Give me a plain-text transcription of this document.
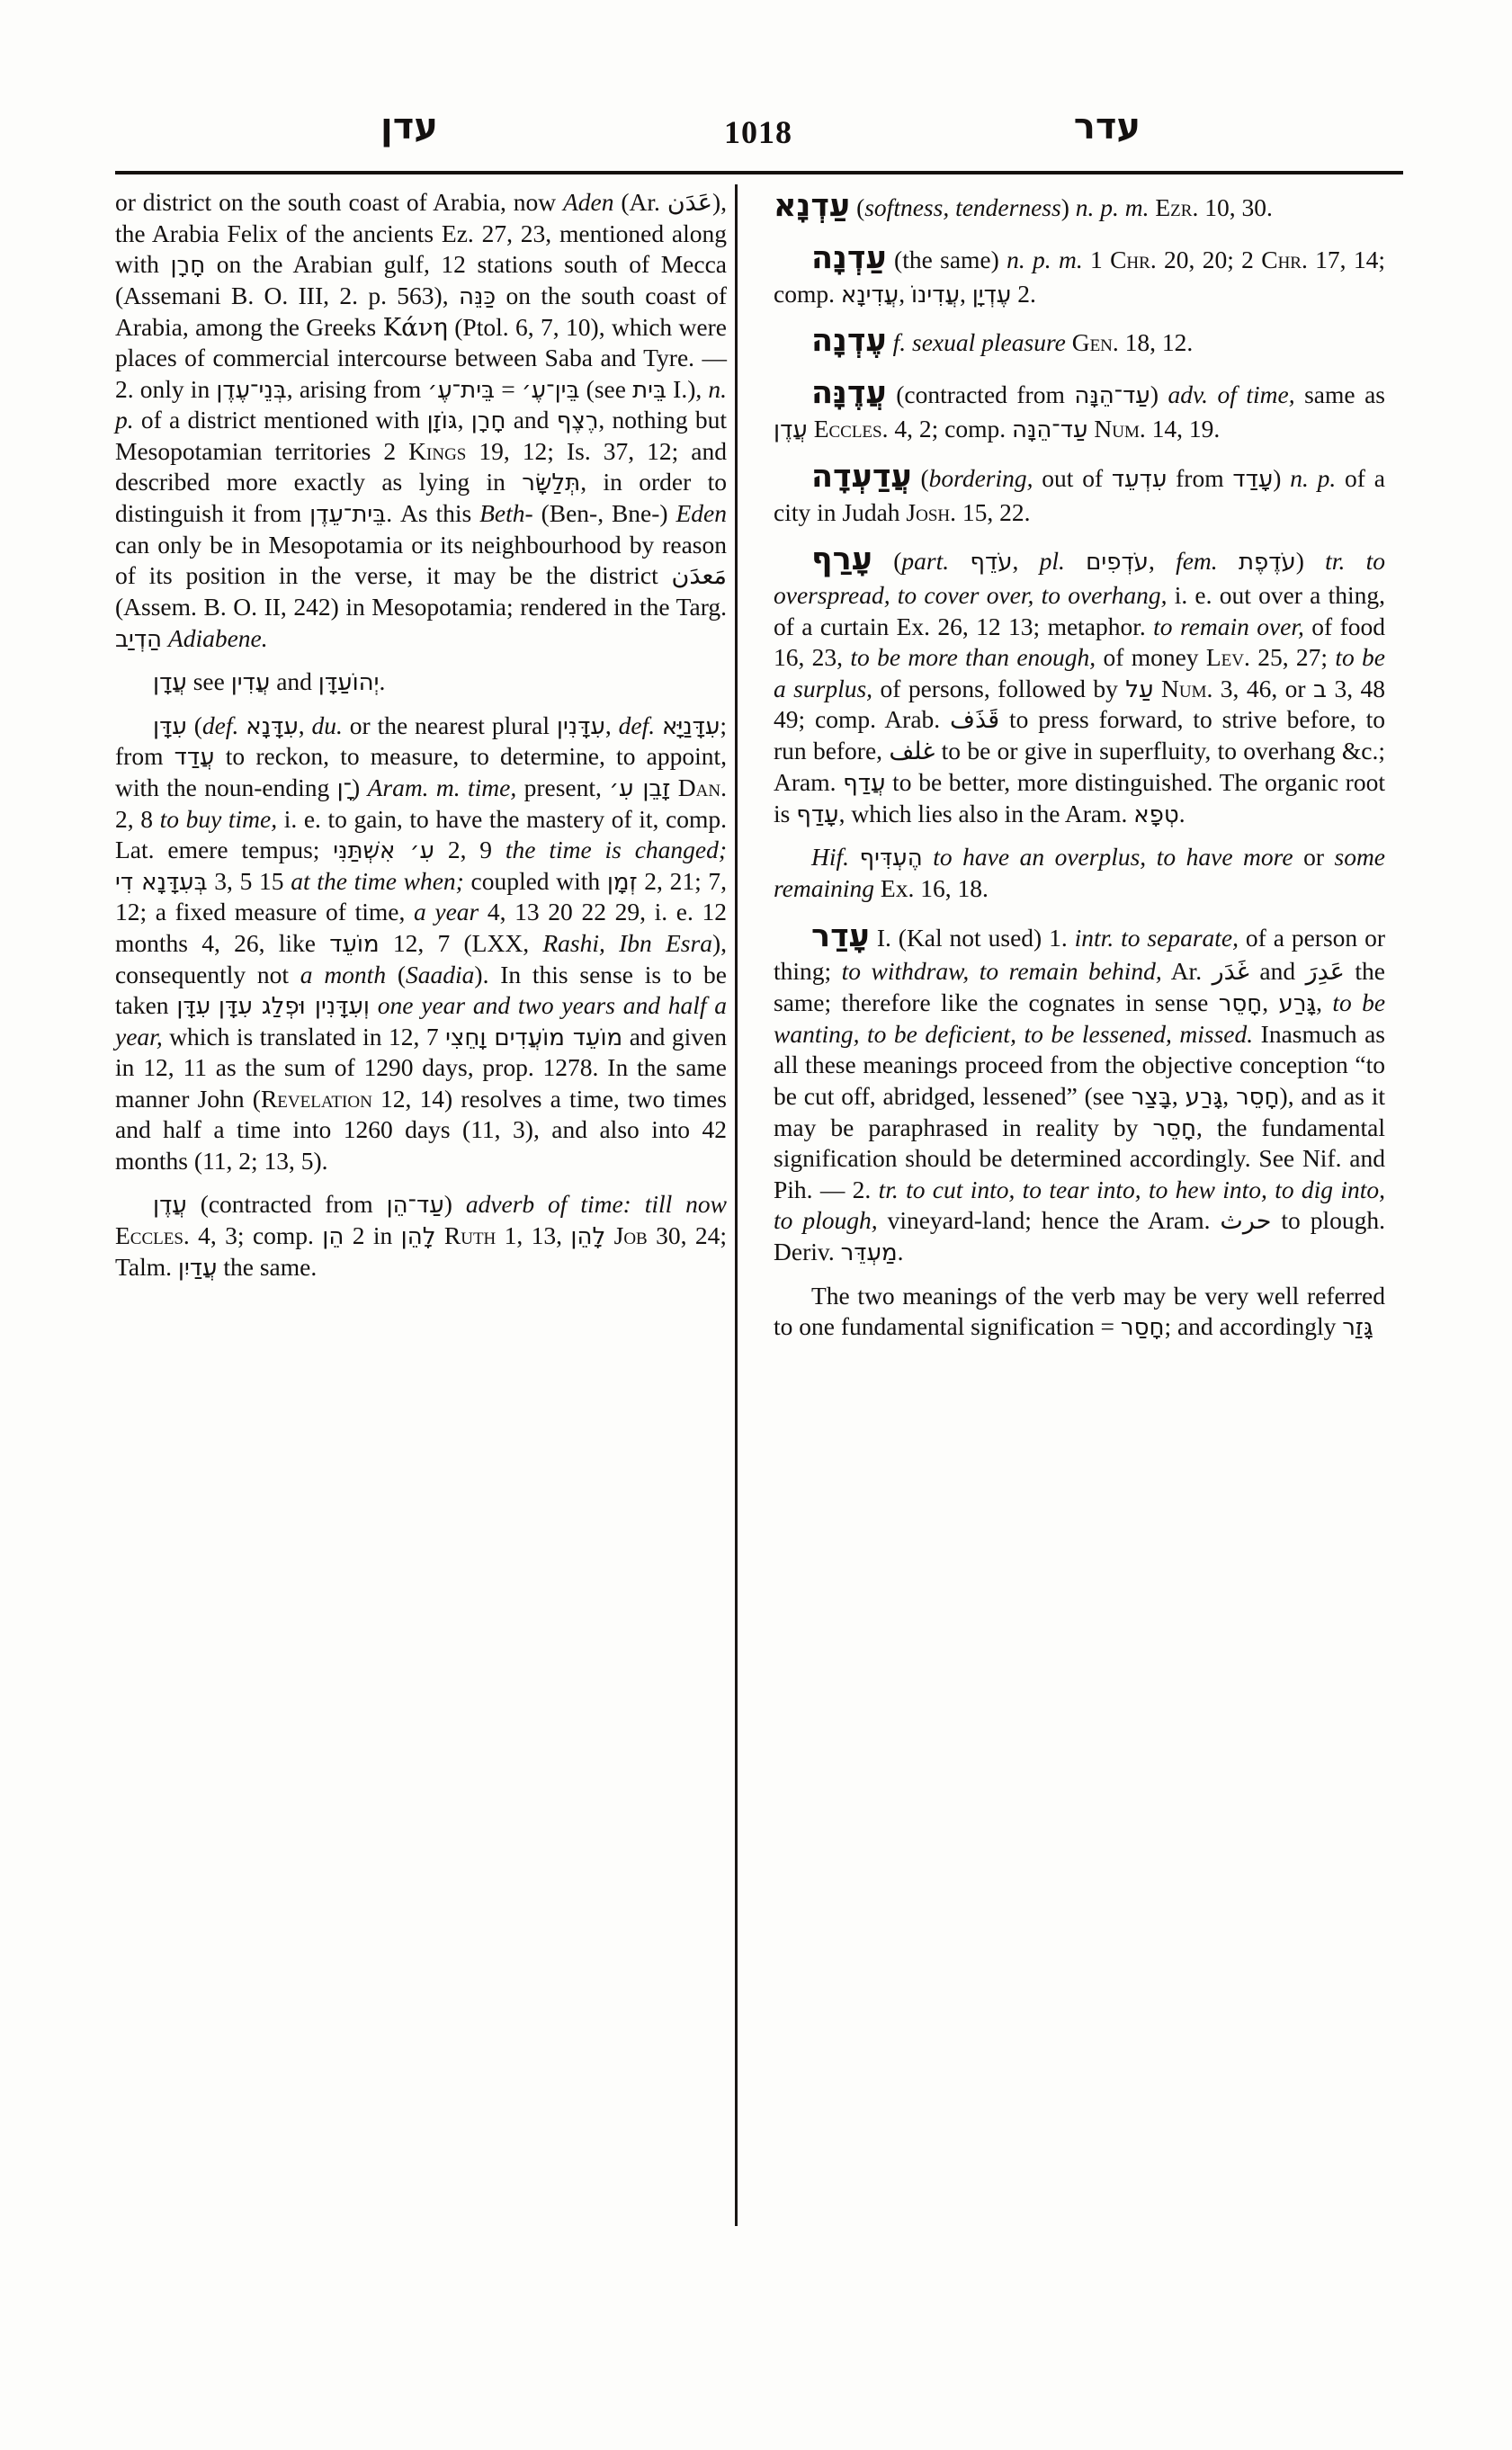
עדן	1018	עדר

or district on the south coast of Arabia, now Aden (Ar. عَدَن), the Arabia Felix of the ancients Ez. 27, 23, mentioned along with חָרָן on the Arabian gulf, 12 stations south of Mecca (Assemani B. O. III, 2. p. 563), כַּנֵּה on the south coast of Arabia, among the Greeks Κάνη (Ptol. 6, 7, 10), which were places of commercial intercourse between Saba and Tyre. — 2. only in בְּנֵי־עֶדֶן, arising from בֵּית־עֶ׳ = בֵּין־עֶ׳ (see בֵּית I.), n. p. of a district mentioned with גּוֹזָן, חָרָן and רֶצֶף, nothing but Mesopotamian territories 2 Kings 19, 12; Is. 37, 12; and described more exactly as lying in תְּלַשָּׂר, in order to distinguish it from בֵּית־עֵדֶן. As this Beth- (Ben-, Bne-) Eden can only be in Mesopotamia or its neighbourhood by reason of its position in the verse, it may be the district مَعدَن (Assem. B. O. II, 242) in Mesopotamia; rendered in the Targ. הַדְיַב Adiabene.

עֲדָן see עֲדִין and יְהוֹעַדָּן.

עִדָּן (def. עִדָּנָא, du. or the nearest plural עִדָּנִין, def. עִדָּנַיָּא; from עֲדַד to reckon, to measure, to determine, to appoint, with the noun-ending ־ָן) Aram. m. time, present, זָבֵן עִ׳ Dan. 2, 8 to buy time, i. e. to gain, to have the mastery of it, comp. Lat. emere tempus; עִ׳ אִשְׁתַּנִּי 2, 9 the time is changed; בְּעִדָּנָא דִי 3, 5 15 at the time when; coupled with זְמָן 2, 21; 7, 12; a fixed measure of time, a year 4, 13 20 22 29, i. e. 12 months 4, 26, like מוֹעֵד 12, 7 (LXX, Rashi, Ibn Esra), consequently not a month (Saadia). In this sense is to be taken עִדָּן וְעִדָּנִין וּפְלַג עִדָּן one year and two years and half a year, which is translated in 12, 7 מוֹעֵד מוֹעֲדִים וָחֵצִי and given in 12, 11 as the sum of 1290 days, prop. 1278. In the same manner John (Revelation 12, 14) resolves a time, two times and half a time into 1260 days (11, 3), and also into 42 months (11, 2; 13, 5).

עֲדֶן (contracted from עַד־הֵן) adverb of time: till now Eccles. 4, 3; comp. הֵן 2 in לָהֵן Ruth 1, 13, לָהֵן Job 30, 24; Talm. עֲדַיִן the same.

עַדְנָא (softness, tenderness) n. p. m. Ezr. 10, 30.

עַדְנָה (the same) n. p. m. 1 Chr. 20, 20; 2 Chr. 17, 14; comp. עֲדִינָא, עֲדִינוֹ, עֶדְיָן 2.

עֶדְנָה f. sexual pleasure Gen. 18, 12.

עֲדֶנָּה (contracted from עַד־הֵנָּה) adv. of time, same as עֲדֶן Eccles. 4, 2; comp. עַד־הֵנָּה Num. 14, 19.

עֲדַעְדָה (bordering, out of עִדְעֵד from עָדַד) n. p. of a city in Judah Josh. 15, 22.

עָרַף (part. עֹדֵף, pl. עֹדְפִים, fem. עֹדֶפֶת) tr. to overspread, to cover over, to overhang, i. e. out over a thing, of a curtain Ex. 26, 12 13; metaphor. to remain over, of food 16, 23, to be more than enough, of money Lev. 25, 27; to be a surplus, of persons, followed by עַל Num. 3, 46, or ב 3, 48 49; comp. Arab. قَذَف to press forward, to strive before, to run before, غلف to be or give in superfluity, to overhang &c.; Aram. עֲדַף to be better, more distinguished. The organic root is עָדַף, which lies also in the Aram. טְפָא.

Hif. הֶעְדִּיף to have an overplus, to have more or some remaining Ex. 16, 18.

עָדַר I. (Kal not used) 1. intr. to separate, of a person or thing; to withdraw, to remain behind, Ar. غَدَر and عَدِرَ the same; therefore like the cognates in sense חָסֵר, גָּרַע, to be wanting, to be deficient, to be lessened, missed. Inasmuch as all these meanings proceed from the objective conception “to be cut off, abridged, lessened” (see בָּצַר, גָּרַע, חָסֵר), and as it may be paraphrased in reality by חָסֵר, the fundamental signification should be determined accordingly. See Nif. and Pih. — 2. tr. to cut into, to tear into, to hew into, to dig into, to plough, vineyard-land; hence the Aram. حرث to plough. Deriv. מַעְדֵּר.

The two meanings of the verb may be very well referred to one fundamental signification = חָסַר; and accordingly גָּזַר
